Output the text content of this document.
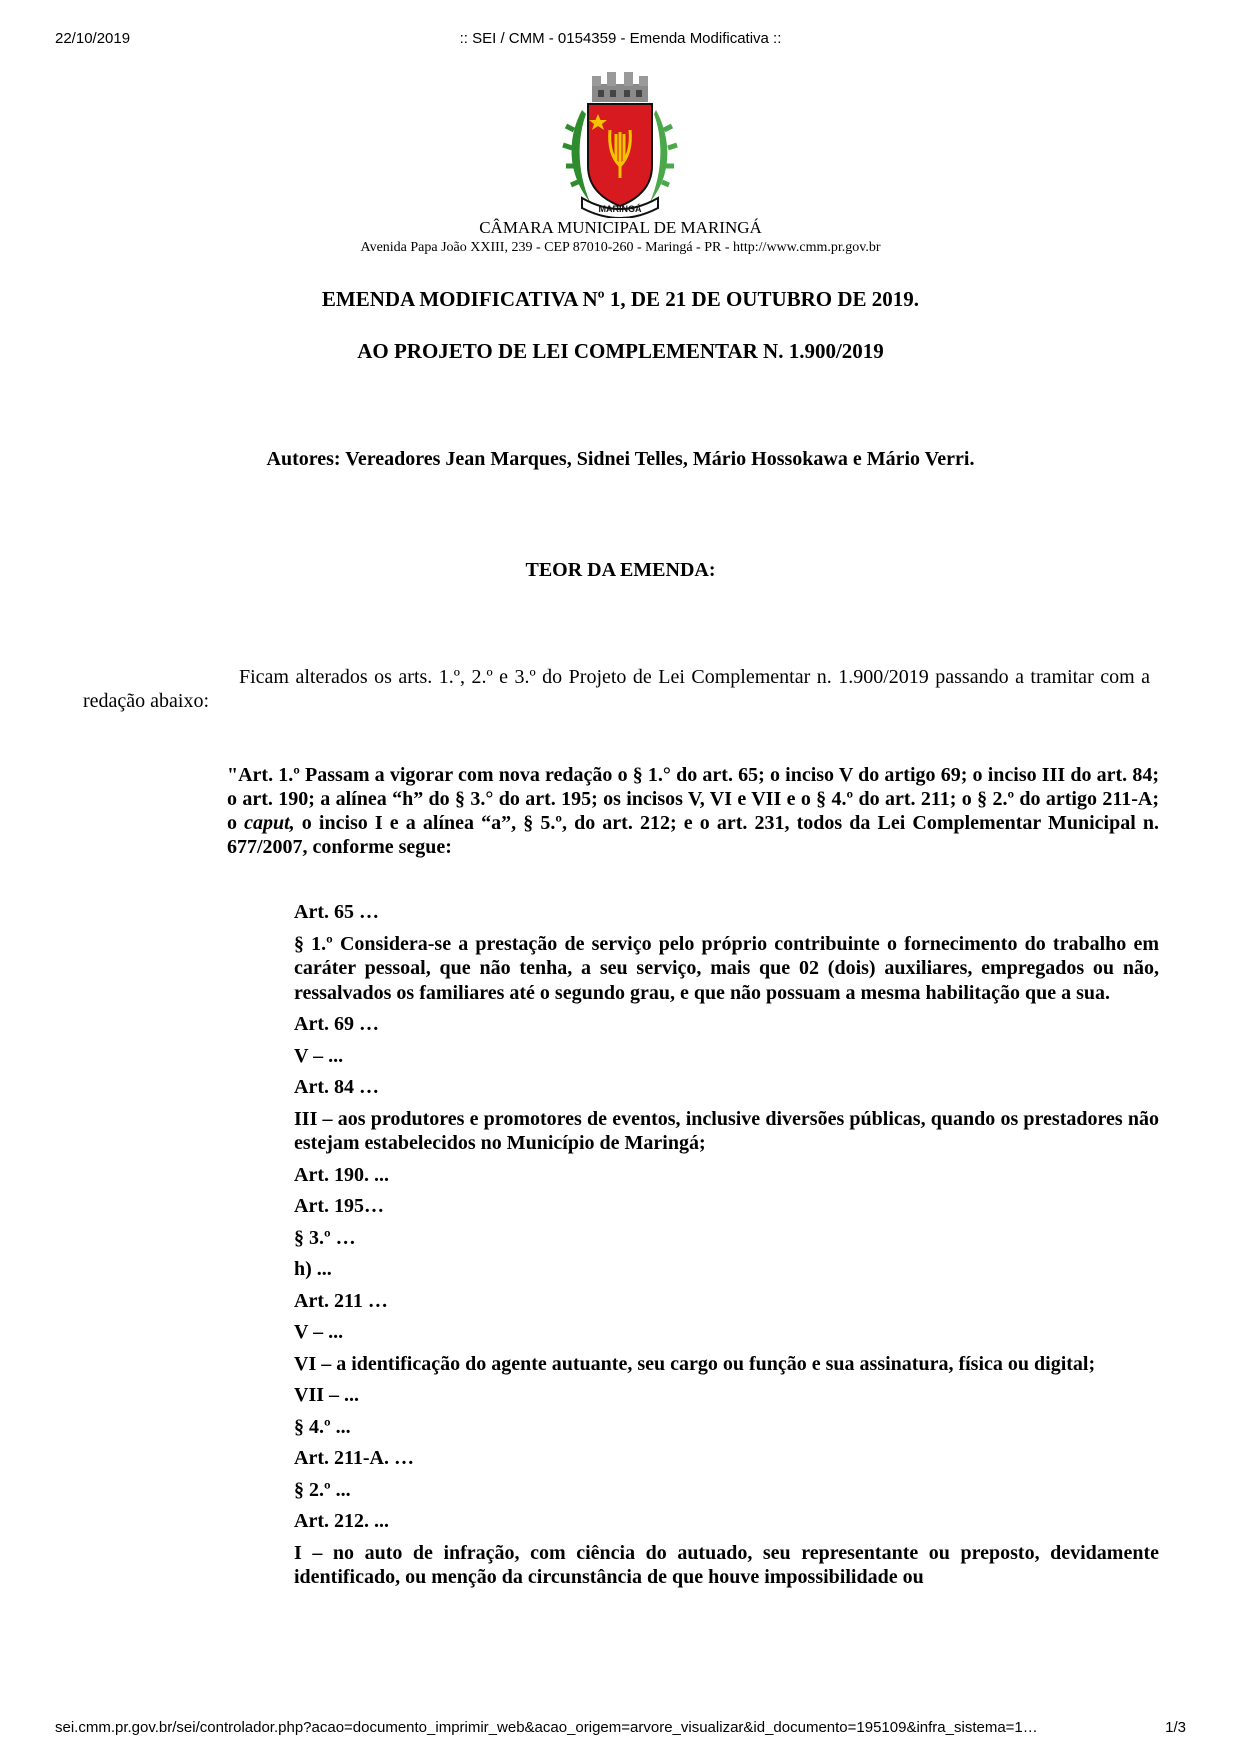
22/10/2019	:: SEI / CMM - 0154359 - Emenda Modificativa ::
MARINGÁ
CÂMARA MUNICIPAL DE MARINGÁ
Avenida Papa João XXIII, 239 - CEP 87010-260 - Maringá - PR - http://www.cmm.pr.gov.br
EMENDA MODIFICATIVA Nº 1, DE 21 DE OUTUBRO DE 2019.
AO PROJETO DE LEI COMPLEMENTAR N. 1.900/2019
Autores: Vereadores Jean Marques, Sidnei Telles, Mário Hossokawa e Mário Verri.
TEOR DA EMENDA:
Ficam alterados os arts. 1.º, 2.º e 3.º do Projeto de Lei Complementar n. 1.900/2019 passando a tramitar com a redação abaixo:
"Art. 1.º Passam a vigorar com nova redação o § 1.° do art. 65; o inciso V do artigo 69; o inciso III do art. 84; o art. 190; a alínea “h” do § 3.° do art. 195; os incisos V, VI e VII e o § 4.º do art. 211; o § 2.º do artigo 211-A; o caput, o inciso I e a alínea “a”, § 5.º, do art. 212; e o art. 231, todos da Lei Complementar Municipal n. 677/2007, conforme segue:

Art. 65 …

§ 1.º Considera-se a prestação de serviço pelo próprio contribuinte o fornecimento do trabalho em caráter pessoal, que não tenha, a seu serviço, mais que 02 (dois) auxiliares, empregados ou não, ressalvados os familiares até o segundo grau, e que não possuam a mesma habilitação que a sua.

Art. 69 …

V – ...

Art. 84 …

III – aos produtores e promotores de eventos, inclusive diversões públicas, quando os prestadores não estejam estabelecidos no Município de Maringá;

Art. 190. ...

Art. 195…

§ 3.º …

h) ...

Art. 211 …

V – ...

VI – a identificação do agente autuante, seu cargo ou função e sua assinatura, física ou digital;

VII – ...

§ 4.º ...

Art. 211-A. …

§ 2.º ...

Art. 212. ...

I – no auto de infração, com ciência do autuado, seu representante ou preposto, devidamente identificado, ou menção da circunstância de que houve impossibilidade ou

sei.cmm.pr.gov.br/sei/controlador.php?acao=documento_imprimir_web&acao_origem=arvore_visualizar&id_documento=195109&infra_sistema=1…	1/3
